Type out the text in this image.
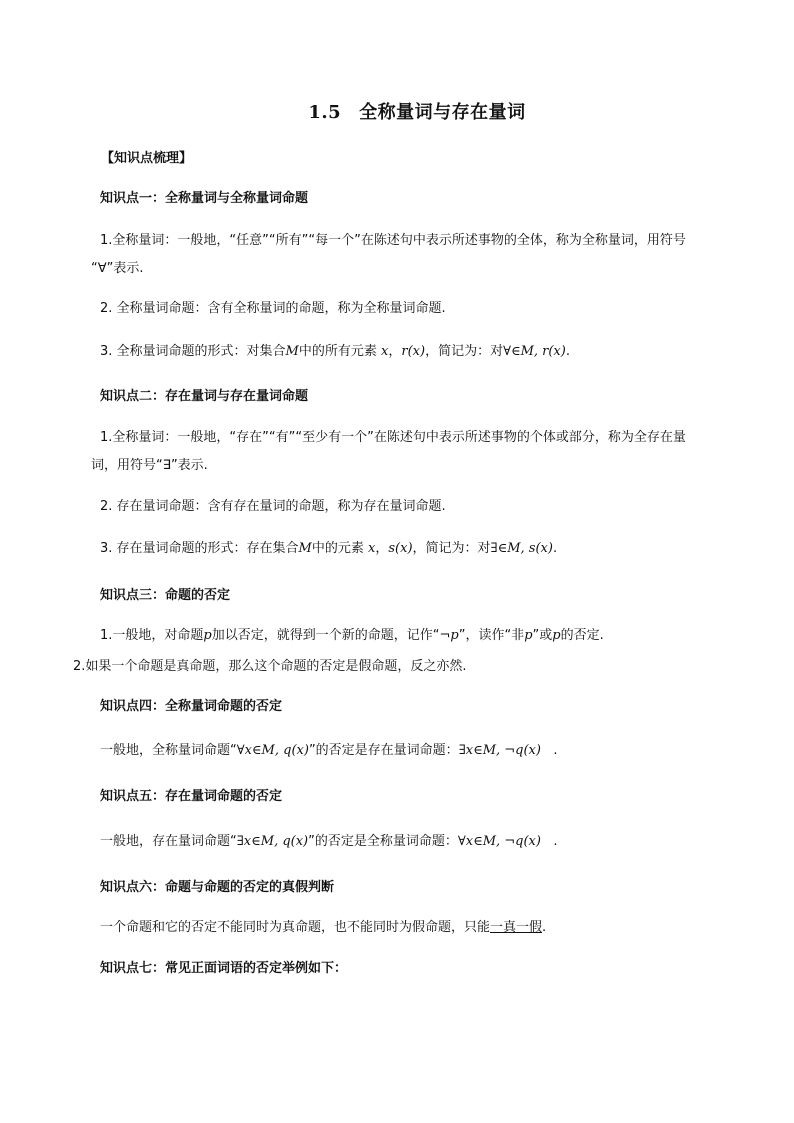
1.5 全称量词与存在量词
【知识点梳理】
知识点一：全称量词与全称量词命题
1.全称量词：一般地，“任意”“所有”“每一个”在陈述句中表示所述事物的全体，称为全称量词，用符号
“∀”表示.
2. 全称量词命题：含有全称量词的命题，称为全称量词命题.
3. 全称量词命题的形式：对集合M中的所有元素 x，r(x)，简记为：对∀∈M, r(x).
知识点二：存在量词与存在量词命题
1.全称量词：一般地，“存在”“有”“至少有一个”在陈述句中表示所述事物的个体或部分，称为全存在量
词，用符号“∃”表示.
2. 存在量词命题：含有存在量词的命题，称为存在量词命题.
3. 存在量词命题的形式：存在集合M中的元素 x，s(x)，简记为：对∃∈M, s(x).
知识点三：命题的否定
1.一般地，对命题p加以否定，就得到一个新的命题，记作“¬p”，读作“非p”或p的否定.
2.如果一个命题是真命题，那么这个命题的否定是假命题，反之亦然.
知识点四：全称量词命题的否定
一般地，全称量词命题“∀x∈M, q(x)”的否定是存在量词命题：∃x∈M, ¬q(x) .
知识点五：存在量词命题的否定
一般地，存在量词命题“∃x∈M, q(x)”的否定是全称量词命题：∀x∈M, ¬q(x) .
知识点六：命题与命题的否定的真假判断
一个命题和它的否定不能同时为真命题，也不能同时为假命题，只能一真一假.
知识点七：常见正面词语的否定举例如下：
